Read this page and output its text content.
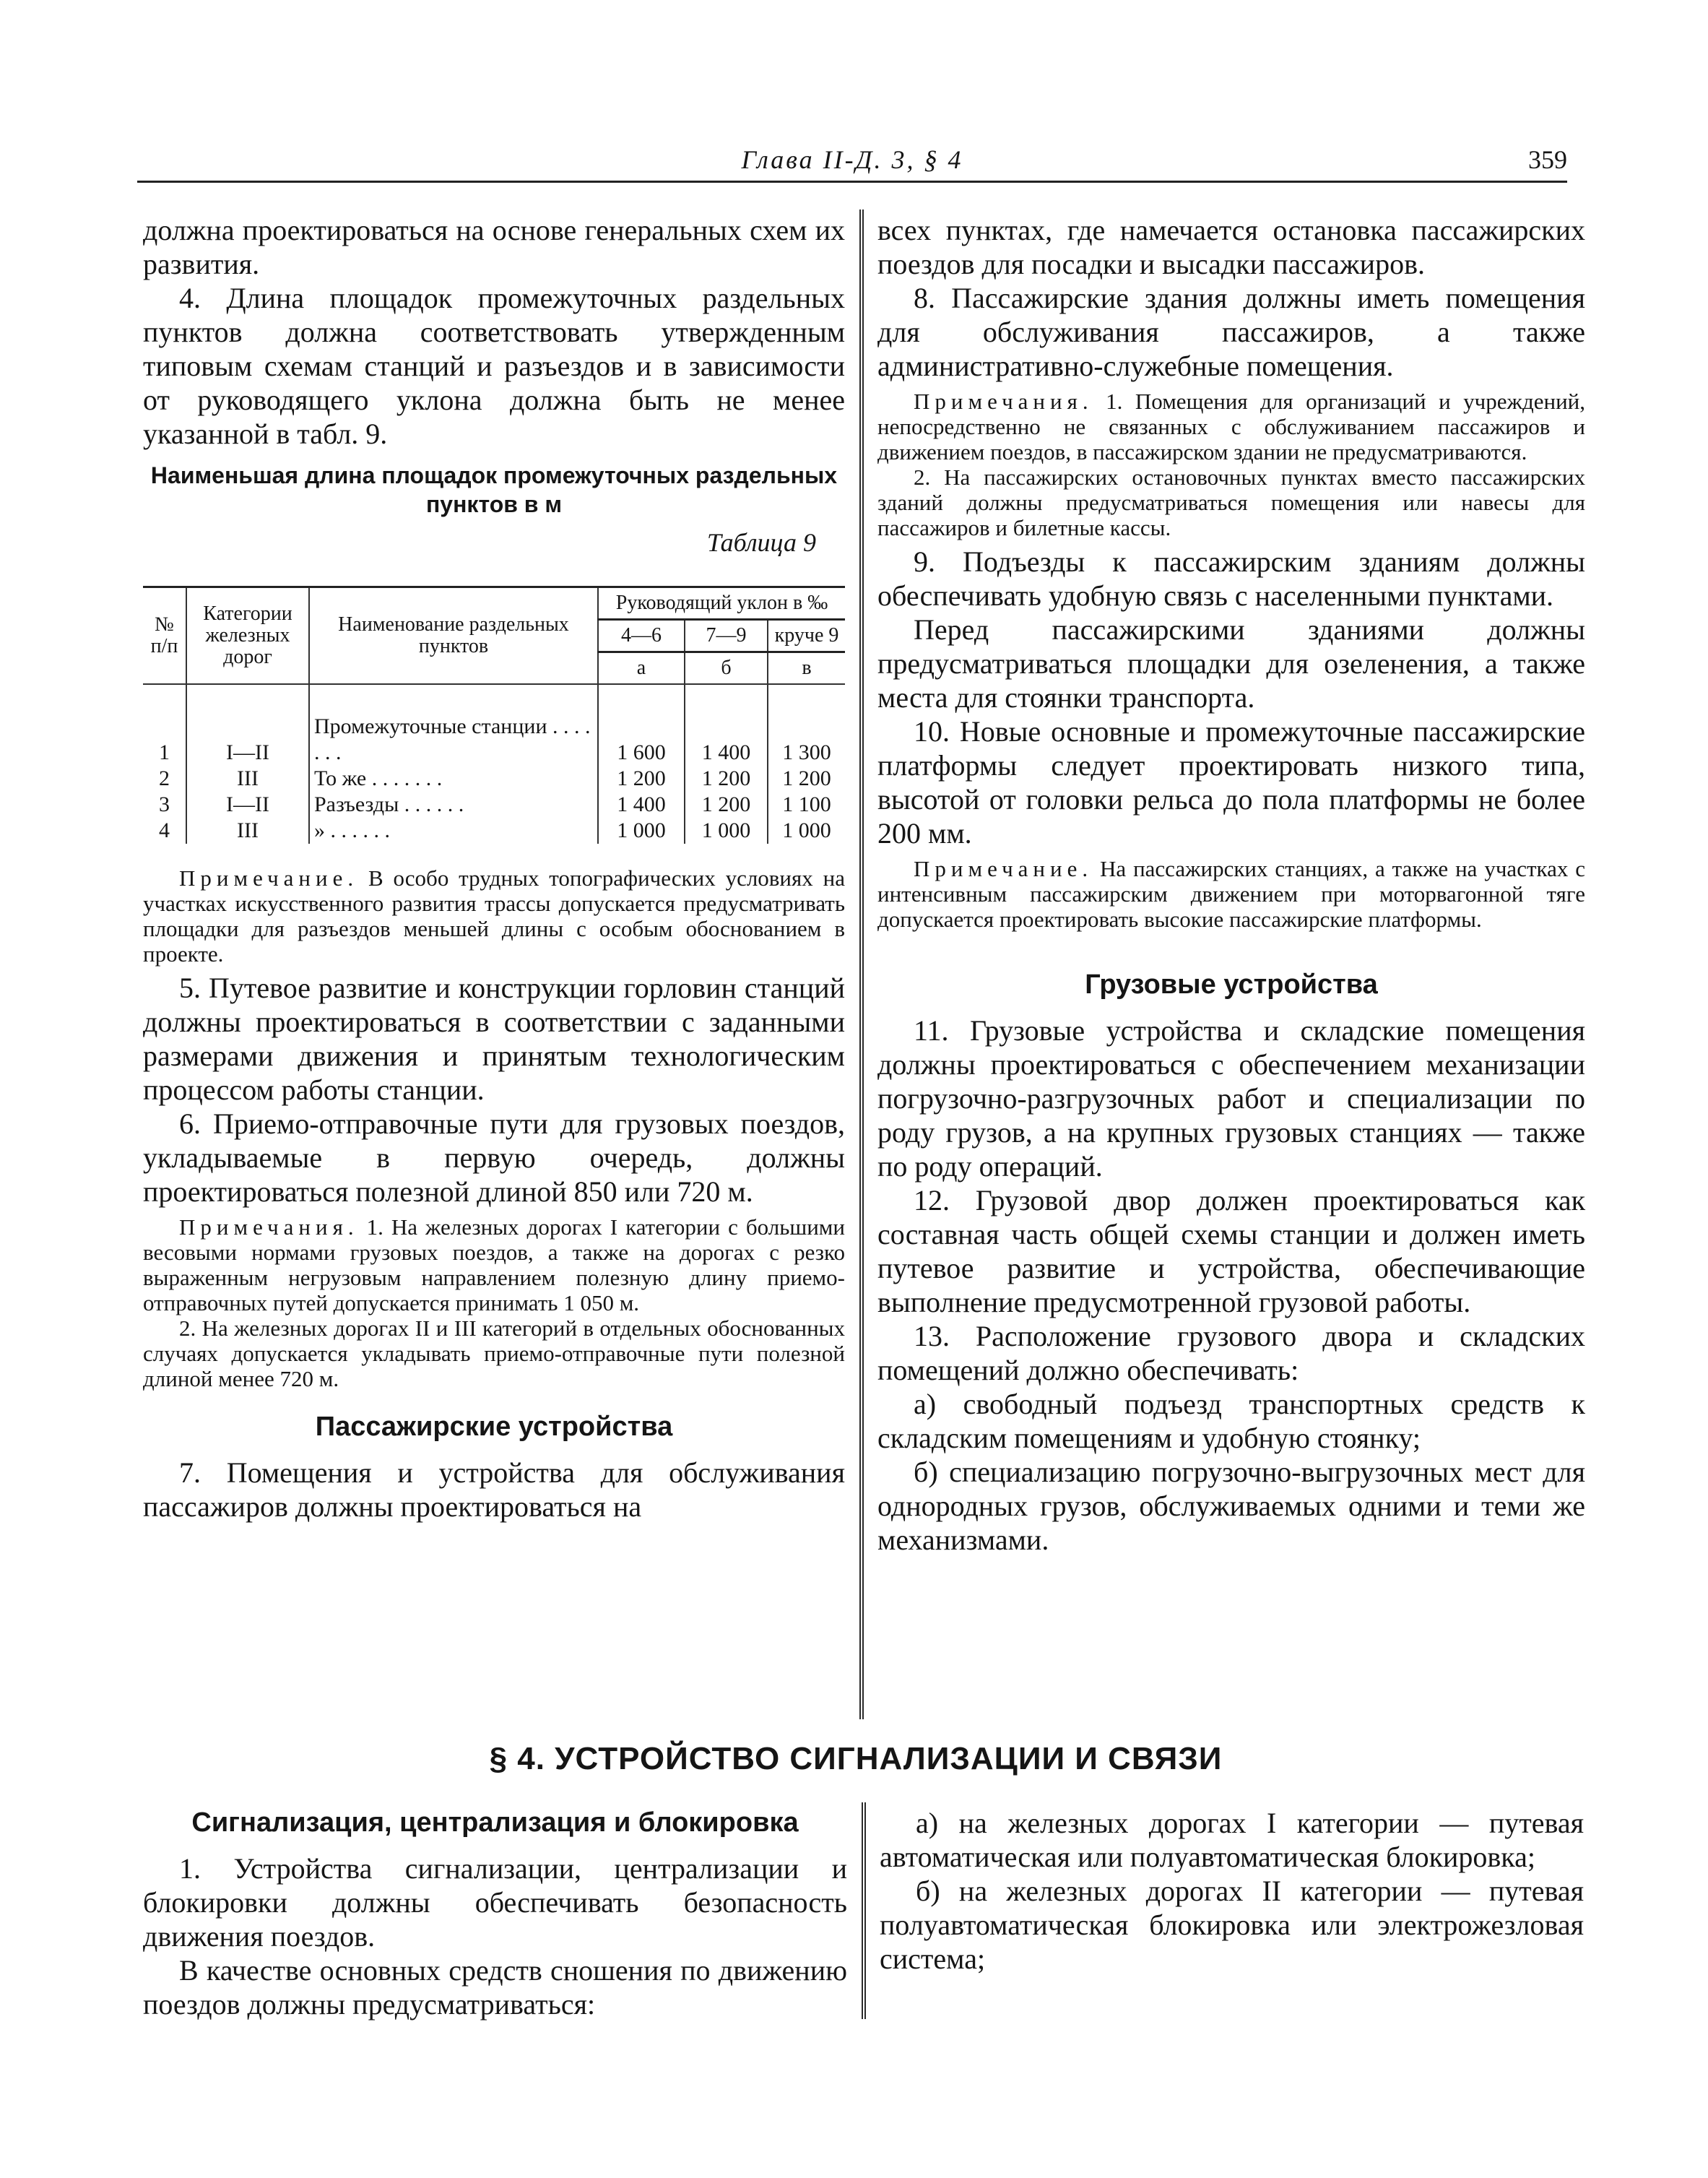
Глава II-Д. 3, § 4	359

должна проектироваться на основе генеральных схем их развития.

4. Длина площадок промежуточных раздельных пунктов должна соответствовать утвержденным типовым схемам станций и разъездов и в зависимости от руководящего уклона должна быть не менее указанной в табл. 9.

Наименьшая длина площадок промежуточных раздельных пунктов в м
Таблица 9
№ п/п	Категории железных дорог	Наименование раздельных пунктов	Руководящий уклон в ‰		
			4—6	7—9	круче 9
			а	б	в

1	I—II	Промежуточные станции . . . . . . .	1 600	1 400	1 300
2	III	То же . . . . . . .	1 200	1 200	1 200
3	I—II	Разъезды . . . . . .	1 400	1 200	1 100
4	III	» . . . . . .	1 000	1 000	1 000

Примечание. В особо трудных топографических условиях на участках искусственного развития трассы допускается предусматривать площадки для разъездов меньшей длины с особым обоснованием в проекте.

5. Путевое развитие и конструкции горловин станций должны проектироваться в соответствии с заданными размерами движения и принятым технологическим процессом работы станции.

6. Приемо-отправочные пути для грузовых поездов, укладываемые в первую очередь, должны проектироваться полезной длиной 850 или 720 м.

Примечания. 1. На железных дорогах I категории с большими весовыми нормами грузовых поездов, а также на дорогах с резко выраженным негрузовым направлением полезную длину приемо-отправочных путей допускается принимать 1 050 м.

2. На железных дорогах II и III категорий в отдельных обоснованных случаях допускается укладывать приемо-отправочные пути полезной длиной менее 720 м.

Пассажирские устройства

7. Помещения и устройства для обслуживания пассажиров должны проектироваться на

всех пунктах, где намечается остановка пассажирских поездов для посадки и высадки пассажиров.

8. Пассажирские здания должны иметь помещения для обслуживания пассажиров, а также административно-служебные помещения.

Примечания. 1. Помещения для организаций и учреждений, непосредственно не связанных с обслуживанием пассажиров и движением поездов, в пассажирском здании не предусматриваются.

2. На пассажирских остановочных пунктах вместо пассажирских зданий должны предусматриваться помещения или навесы для пассажиров и билетные кассы.

9. Подъезды к пассажирским зданиям должны обеспечивать удобную связь с населенными пунктами.

Перед пассажирскими зданиями должны предусматриваться площадки для озеленения, а также места для стоянки транспорта.

10. Новые основные и промежуточные пассажирские платформы следует проектировать низкого типа, высотой от головки рельса до пола платформы не более 200 мм.

Примечание. На пассажирских станциях, а также на участках с интенсивным пассажирским движением при моторвагонной тяге допускается проектировать высокие пассажирские платформы.

Грузовые устройства

11. Грузовые устройства и складские помещения должны проектироваться с обеспечением механизации погрузочно-разгрузочных работ и специализации по роду грузов, а на крупных грузовых станциях — также по роду операций.

12. Грузовой двор должен проектироваться как составная часть общей схемы станции и должен иметь путевое развитие и устройства, обеспечивающие выполнение предусмотренной грузовой работы.

13. Расположение грузового двора и складских помещений должно обеспечивать:

а) свободный подъезд транспортных средств к складским помещениям и удобную стоянку;

б) специализацию погрузочно-выгрузочных мест для однородных грузов, обслуживаемых одними и теми же механизмами.

§ 4. УСТРОЙСТВО СИГНАЛИЗАЦИИ И СВЯЗИ
Сигнализация, централизация и блокировка

1. Устройства сигнализации, централизации и блокировки должны обеспечивать безопасность движения поездов.

В качестве основных средств сношения по движению поездов должны предусматриваться:

а) на железных дорогах I категории — путевая автоматическая или полуавтоматическая блокировка;

б) на железных дорогах II категории — путевая полуавтоматическая блокировка или электрожезловая система;
